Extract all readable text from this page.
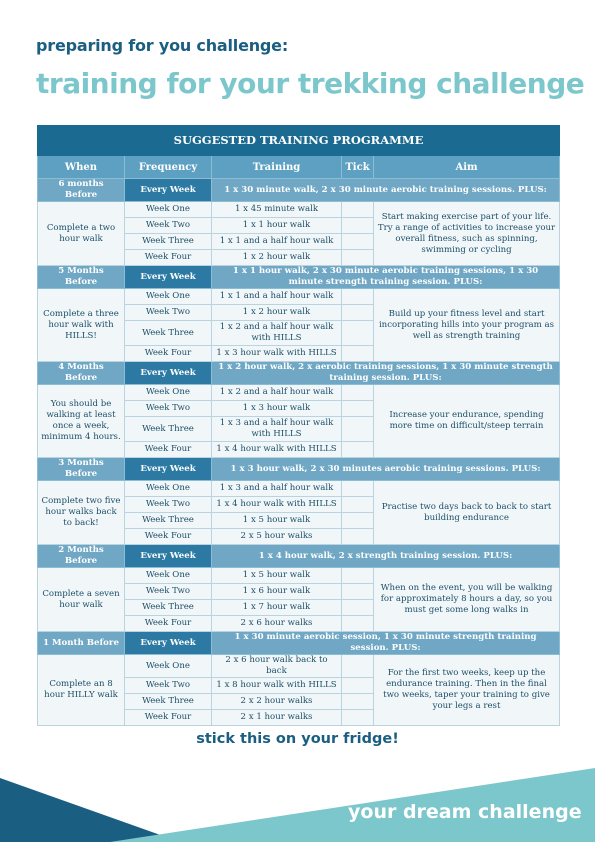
preparing for you challenge:
training for your trekking challenge
SUGGESTED TRAINING PROGRAMME				
When	Frequency	Training	Tick	Aim
6 months Before	Every Week	1 x 30 minute walk, 2 x 30 minute aerobic training sessions. PLUS:		
Complete a two hour walk	Week One	1 x 45 minute walk		Start making exercise part of your life. Try a range of activities to increase your overall fitness, such as spinning, swimming or cycling
	Week Two	1 x 1 hour walk		
	Week Three	1 x 1 and a half hour walk		
	Week Four	1 x 2 hour walk		
5 Months Before	Every Week	1 x 1 hour walk, 2 x 30 minute aerobic training sessions, 1 x 30 minute strength training session. PLUS:		
Complete a three hour walk with HILLS!	Week One	1 x 1 and a half hour walk		Build up your fitness level and start incorporating hills into your program as well as strength training
	Week Two	1 x 2 hour walk		
	Week Three	1 x 2 and a half hour walk with HILLS		
	Week Four	1 x 3 hour walk with HILLS		
4 Months Before	Every Week	1 x 2 hour walk, 2 x aerobic training sessions, 1 x 30 minute strength training session. PLUS:		
You should be walking at least once a week, minimum 4 hours.	Week One	1 x 2 and a half hour walk		Increase your endurance, spending more time on difficult/steep terrain
	Week Two	1 x 3 hour walk		
	Week Three	1 x 3 and a half hour walk with HILLS		
	Week Four	1 x 4 hour walk with HILLS		
3 Months Before	Every Week	1 x 3 hour walk, 2 x 30 minutes aerobic training sessions. PLUS:		
Complete two five hour walks back to back!	Week One	1 x 3 and a half hour walk		Practise two days back to back to start building endurance
	Week Two	1 x 4 hour walk with HILLS		
	Week Three	1 x 5 hour walk		
	Week Four	2 x 5 hour walks		
2 Months Before	Every Week	1 x 4 hour walk, 2 x strength training session. PLUS:		
Complete a seven hour walk	Week One	1 x 5 hour walk		When on the event, you will be walking for approximately 8 hours a day, so you must get some long walks in
	Week Two	1 x 6 hour walk		
	Week Three	1 x 7 hour walk		
	Week Four	2 x 6 hour walks		
1 Month Before	Every Week	1 x 30 minute aerobic session, 1 x 30 minute strength training session. PLUS:		
Complete an 8 hour HILLY walk	Week One	2 x 6 hour walk back to back		For the first two weeks, keep up the endurance training. Then in the final two weeks, taper your training to give your legs a rest
	Week Two	1 x 8 hour walk with HILLS		
	Week Three	2 x 2 hour walks		
	Week Four	2 x 1 hour walks		
stick this on your fridge!
your dream challenge
